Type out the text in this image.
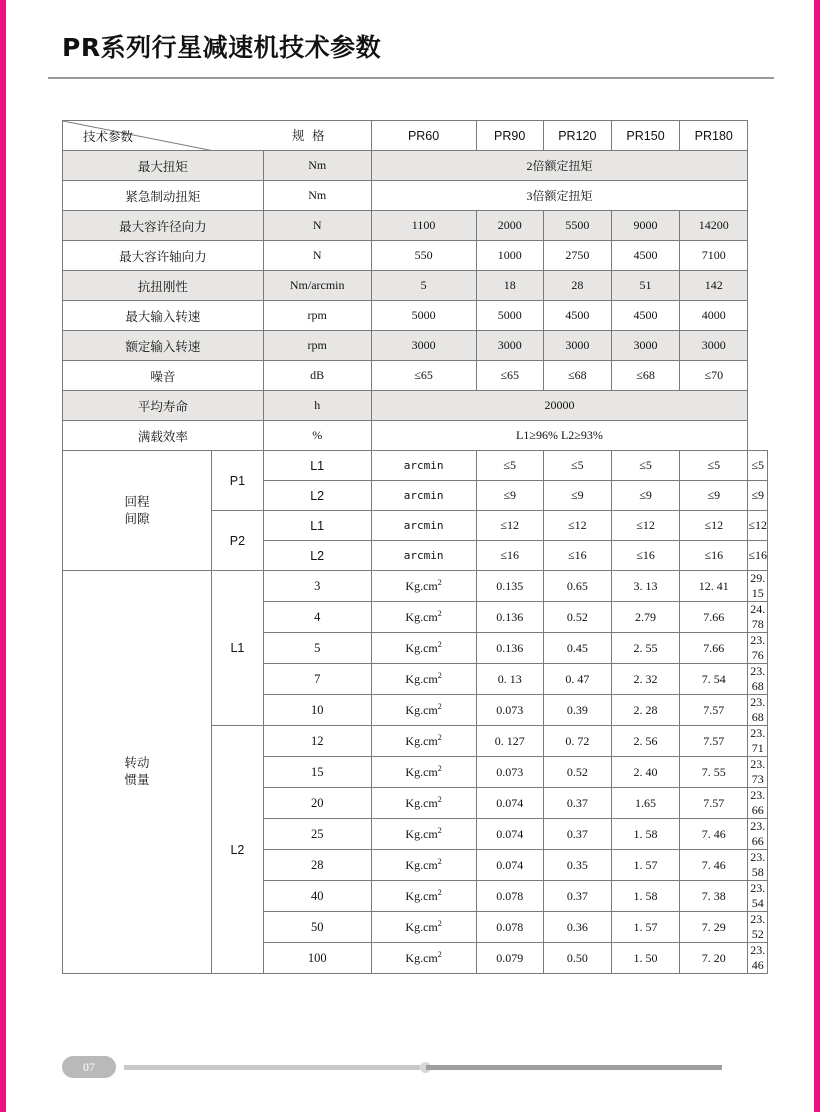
PR系列行星减速机技术参数
规 格
技术参数			PR60	PR90	PR120	PR150	PR180	
最大扭矩		Nm	2倍额定扭矩					
紧急制动扭矩		Nm	3倍额定扭矩					
最大容许径向力		N	1100	2000	5500	9000	14200	
最大容许轴向力		N	550	1000	2750	4500	7100	
抗扭刚性		Nm/arcmin	5	18	28	51	142	
最大输入转速		rpm	5000	5000	4500	4500	4000	
额定输入转速		rpm	3000	3000	3000	3000	3000	
噪音		dB	≤65	≤65	≤68	≤68	≤70	
平均寿命		h	20000					
满载效率		%	L1≥96% L2≥93%					
回程
间隙	P1	L1	arcmin	≤5	≤5	≤5	≤5	≤5
		L2	arcmin	≤9	≤9	≤9	≤9	≤9
	P2	L1	arcmin	≤12	≤12	≤12	≤12	≤12
		L2	arcmin	≤16	≤16	≤16	≤16	≤16
转动
惯量	L1	3	$Kg.cm^2$	0.135	0.65	3. 13	12. 41	29. 15
		4	$Kg.cm^2$	0.136	0.52	2.79	7.66	24. 78
		5	$Kg.cm^2$	0.136	0.45	2. 55	7.66	23. 76
		7	$Kg.cm^2$	0. 13	0. 47	2. 32	7. 54	23. 68
		10	$Kg.cm^2$	0.073	0.39	2. 28	7.57	23. 68
	L2	12	$Kg.cm^2$	0. 127	0. 72	2. 56	7.57	23. 71
		15	$Kg.cm^2$	0.073	0.52	2. 40	7. 55	23. 73
		20	$Kg.cm^2$	0.074	0.37	1.65	7.57	23. 66
		25	$Kg.cm^2$	0.074	0.37	1. 58	7. 46	23. 66
		28	$Kg.cm^2$	0.074	0.35	1. 57	7. 46	23. 58
		40	$Kg.cm^2$	0.078	0.37	1. 58	7. 38	23. 54
		50	$Kg.cm^2$	0.078	0.36	1. 57	7. 29	23. 52
		100	$Kg.cm^2$	0.079	0.50	1. 50	7. 20	23. 46
07
